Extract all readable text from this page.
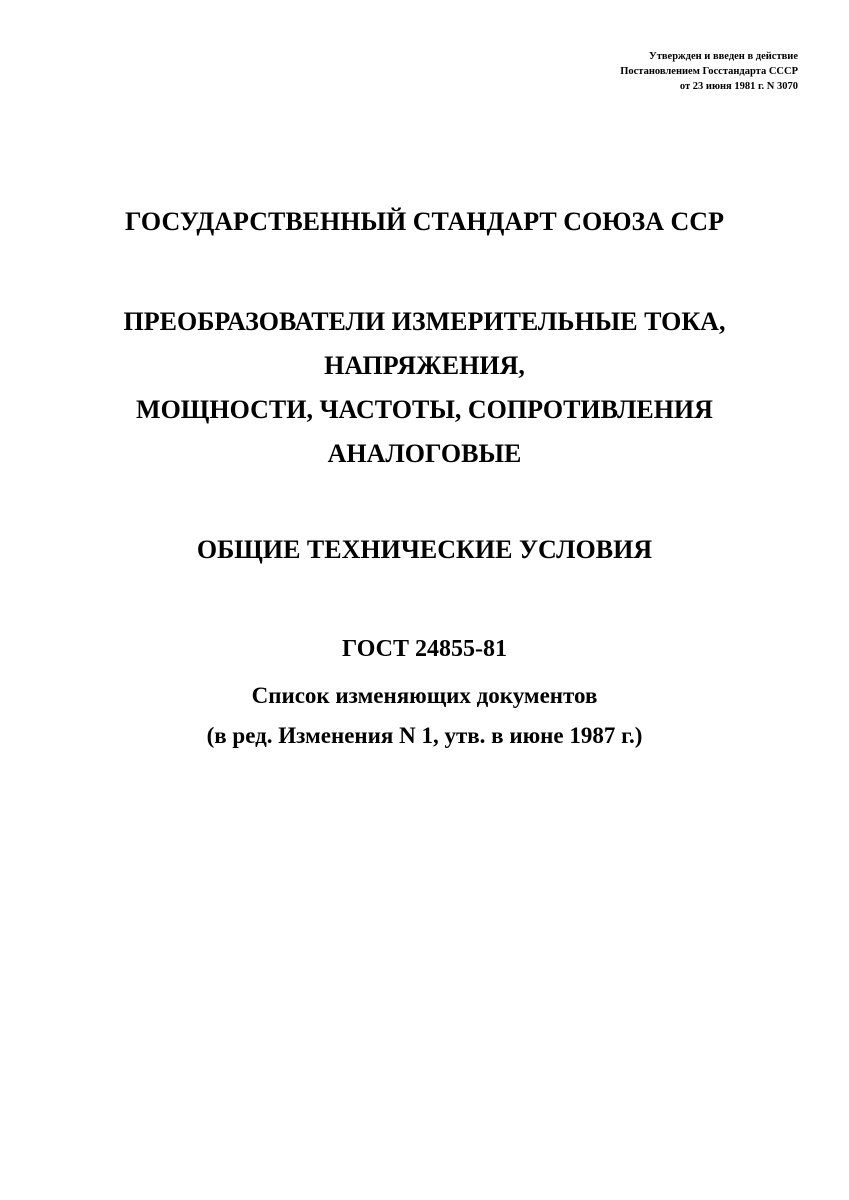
Утвержден и введен в действие
Постановлением Госстандарта СССР
от 23 июня 1981 г. N 3070
ГОСУДАРСТВЕННЫЙ СТАНДАРТ СОЮЗА ССР
ПРЕОБРАЗОВАТЕЛИ ИЗМЕРИТЕЛЬНЫЕ ТОКА,
НАПРЯЖЕНИЯ,
МОЩНОСТИ, ЧАСТОТЫ, СОПРОТИВЛЕНИЯ
АНАЛОГОВЫЕ
ОБЩИЕ ТЕХНИЧЕСКИЕ УСЛОВИЯ
ГОСТ 24855-81
Список изменяющих документов
(в ред. Изменения N 1, утв. в июне 1987 г.)
